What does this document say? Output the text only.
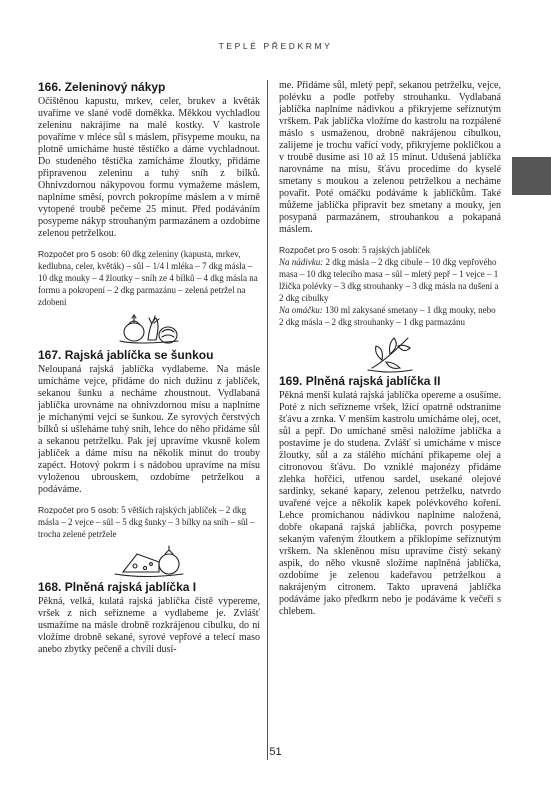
TEPLÉ PŘEDKRMY
166. Zeleninový nákyp

Očištěnou kapustu, mrkev, celer, brukev a květák uvaříme ve slané vodě doměkka. Měkkou vychladlou zeleninu nakrájíme na malé kostky. V kastrole povaříme v mléce sůl s máslem, přisypeme mouku, na plotně umícháme husté těstíčko a dáme vychladnout. Do studeného těstíčka zamícháme žloutky, přidáme připravenou zeleninu a tuhý sníh z bílků. Ohnivzdornou nákypovou formu vymažeme máslem, naplníme směsí, povrch pokropíme máslem a v mírně vytopené troubě pečeme 25 minut. Před podáváním posypeme nákyp strouhaným parmazánem a ozdobíme zelenou petrželkou.

Rozpočet pro 5 osob: 60 dkg zeleniny (kapusta, mrkev, kedlubna, celer, květák) – sůl – 1/4 l mléka – 7 dkg másla – 10 dkg mouky – 4 žloutky – sníh ze 4 bílků – 4 dkg másla na formu a pokropení – 2 dkg parmazánu – zelená petržel na zdobení

167. Rajská jablíčka se šunkou

Neloupaná rajská jablíčka vydlabeme. Na másle umícháme vejce, přidáme do nich dužinu z jablíček, sekanou šunku a necháme zhoustnout. Vydlabaná jablíčka urovnáme na ohnivzdornou mísu a naplníme je míchanými vejci se šunkou. Ze syrových čerstvých bílků si ušleháme tuhý sníh, lehce do něho přidáme sůl a sekanou petrželku. Pak jej upravíme vkusně kolem jablíček a dáme mísu na několik minut do trouby zapéct. Hotový pokrm i s nádobou upravíme na mísu vyloženou ubrouskem, ozdobíme petrželkou a podáváme.

Rozpočet pro 5 osob: 5 větších rajských jablíček – 2 dkg másla – 2 vejce – sůl – 5 dkg šunky – 3 bílky na sníh – sůl – trocha zelené petržele

168. Plněná rajská jablíčka I

Pěkná, velká, kulatá rajská jablíčka čistě vypereme, vršek z nich seřízneme a vydlabeme je. Zvlášť usmažíme na másle drobně rozkrájenou cibulku, do ní vložíme drobně sekané, syrové vepřové a telecí maso anebo zbytky pečeně a chvíli dusí-

me. Přidáme sůl, mletý pepř, sekanou petrželku, vejce, polévku a podle potřeby strouhanku. Vydlabaná jablíčka naplníme nádivkou a přikryjeme seříznutým vrškem. Pak jablíčka vložíme do kastrolu na rozpálené máslo s usmaženou, drobně nakrájenou cibulkou, zalijeme je trochu vařící vody, přikryjeme pokličkou a v troubě dusíme asi 10 až 15 minut. Udušená jablíčka narovnáme na mísu, šťávu procedíme do kyselé smetany s moukou a zelenou petrželkou a necháme povařit. Poté omáčku podáváme k jablíčkům. Také můžeme jablíčka připravit bez smetany a mouky, jen posypaná parmazánem, strouhankou a pokapaná máslem.

Rozpočet pro 5 osob: 5 rajských jablíček
Na nádivku: 2 dkg másla – 2 dkg cibule – 10 dkg vepřového masa – 10 dkg telecího masa – sůl – mletý pepř – 1 vejce – 1 lžička polévky – 3 dkg strouhanky – 3 dkg másla na dušení a 2 dkg cibulky
Na omáčku: 130 ml zakysané smetany – 1 dkg mouky, nebo 2 dkg másla – 2 dkg strouhanky – 1 dkg parmazánu
169. Plněná rajská jablíčka II

Pěkná menší kulatá rajská jablíčka opereme a osušíme. Poté z nich seřízneme vršek, lžící opatrně odstraníme šťávu a zrnka. V menším kastrolu umícháme olej, ocet, sůl a pepř. Do umíchané směsi naložíme jablíčka a postavíme je do studena. Zvlášť si umícháme v misce žloutky, sůl a za stálého míchání přikapeme olej a citronovou šťávu. Do vzniklé majonézy přidáme zlehka hořčici, utřenou sardel, usekané olejové sardinky, sekané kapary, zelenou petrželku, natvrdo uvařené vejce a několik kapek polévkového koření. Lehce promíchanou nádivkou naplníme naložená, dobře okapaná rajská jablíčka, povrch posypeme sekaným vařeným žloutkem a přiklopíme seříznutým vrškem. Na skleněnou mísu upravíme čistý sekaný aspik, do něho vkusně složíme naplněná jablíčka, ozdobíme je zelenou kadeřavou petrželkou a nakrájeným citronem. Takto upravená jablíčka podáváme jako předkrm nebo je podáváme k večeři s chlebem.

51
